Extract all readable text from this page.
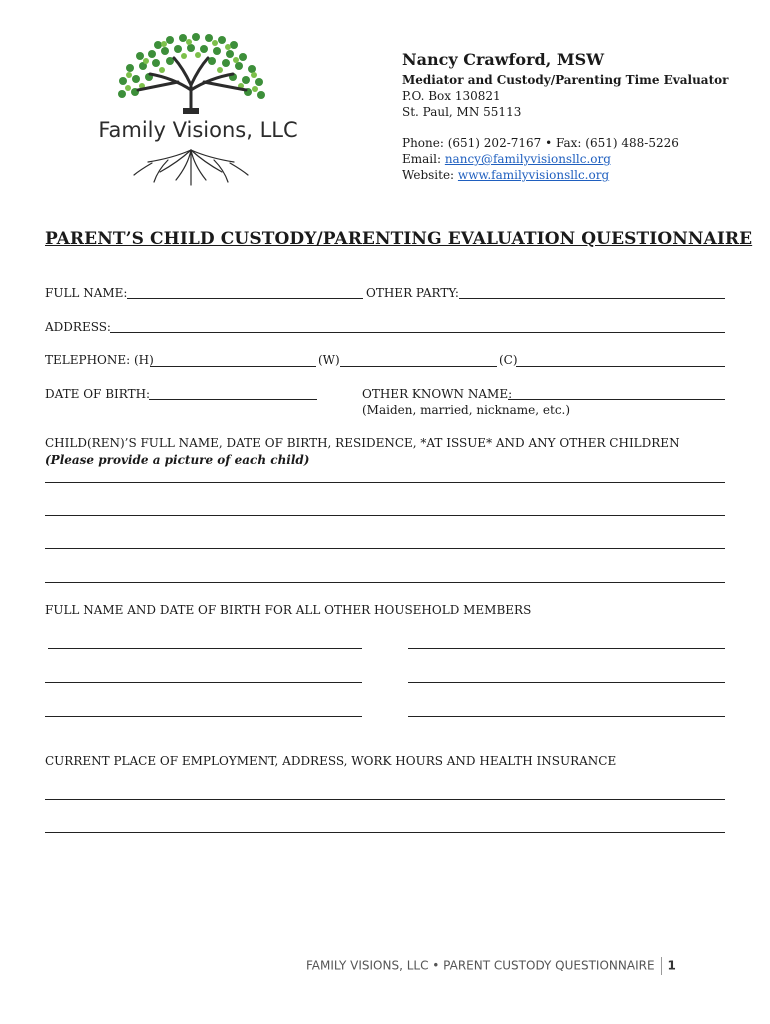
Family Visions, LLC
Nancy Crawford, MSW
Mediator and Custody/Parenting Time Evaluator
P.O. Box 130821
St. Paul, MN 55113
Phone: (651) 202-7167 • Fax: (651) 488-5226
Email: nancy@familyvisionsllc.org
Website: www.familyvisionsllc.org
PARENT’S CHILD CUSTODY/PARENTING EVALUATION QUESTIONNAIRE
FULL NAME:	OTHER PARTY:
ADDRESS:
TELEPHONE: (H)	(W)	(C)
DATE OF BIRTH:	OTHER KNOWN NAME:
(Maiden, married, nickname, etc.)
CHILD(REN)’S FULL NAME, DATE OF BIRTH, RESIDENCE, *AT ISSUE* AND ANY OTHER CHILDREN
(Please provide a picture of each child)
FULL NAME AND DATE OF BIRTH FOR ALL OTHER HOUSEHOLD MEMBERS
CURRENT PLACE OF EMPLOYMENT, ADDRESS, WORK HOURS AND HEALTH INSURANCE
FAMILY VISIONS, LLC • PARENT CUSTODY QUESTIONNAIRE 1
